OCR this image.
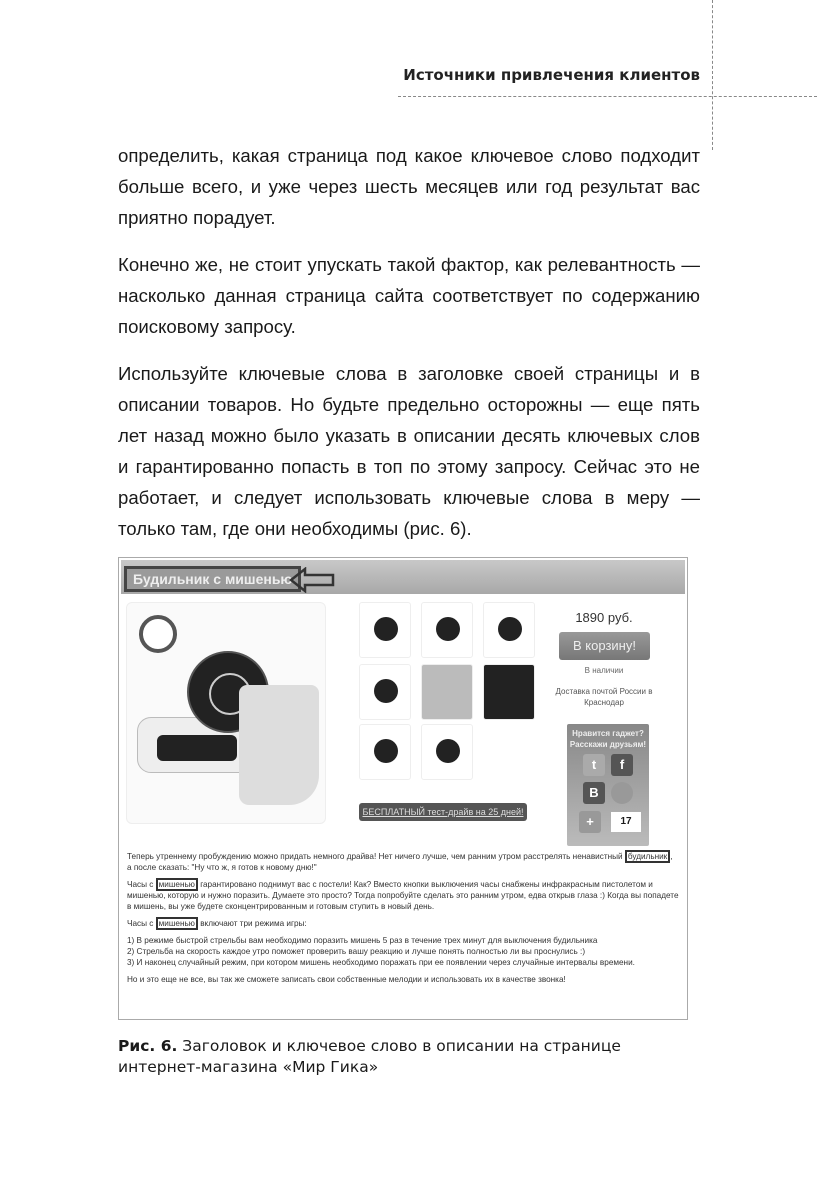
Источники привлечения клиентов

определить, какая страница под какое ключевое слово подходит больше всего, и уже через шесть месяцев или год результат вас приятно порадует.

Конечно же, не стоит упускать такой фактор, как релевантность — насколько данная страница сайта соответствует по содержанию поисковому запросу.

Используйте ключевые слова в заголовке своей страницы и в описании товаров. Но будьте предельно осторожны — еще пять лет назад можно было указать в описании десять ключевых слов и гарантированно попасть в топ по этому запросу. Сейчас это не работает, и следует использовать ключевые слова в меру — только там, где они необходимы (рис. 6).

Будильник с мишенью
БЕСПЛАТНЫЙ тест-драйв на 25 дней!
1890 руб.
В корзину!
В наличии
Доставка почтой России в Краснодар
Нравится гаджет? Расскажи друзьям!
t	f
B
+	17

Теперь утреннему пробуждению можно придать немного драйва! Нет ничего лучше, чем ранним утром расстрелять ненавистный будильник , а после сказать: "Ну что ж, я готов к новому дню!"

Часы с мишенью гарантировано поднимут вас с постели! Как? Вместо кнопки выключения часы снабжены инфракрасным пистолетом и мишенью, которую и нужно поразить. Думаете это просто? Тогда попробуйте сделать это ранним утром, едва открыв глаза :) Когда вы попадете в мишень, вы уже будете сконцентрированным и готовым ступить в новый день.

Часы с мишенью включают три режима игры:

1) В режиме быстрой стрельбы вам необходимо поразить мишень 5 раз в течение трех минут для выключения будильника
2) Стрельба на скорость каждое утро поможет проверить вашу реакцию и лучше понять полностью ли вы проснулись :)
3) И наконец случайный режим, при котором мишень необходимо поражать при ее появлении через случайные интервалы времени.

Но и это еще не все, вы так же сможете записать свои собственные мелодии и использовать их в качестве звонка!

Рис. 6. Заголовок и ключевое слово в описании на странице интернет-магазина «Мир Гика»
